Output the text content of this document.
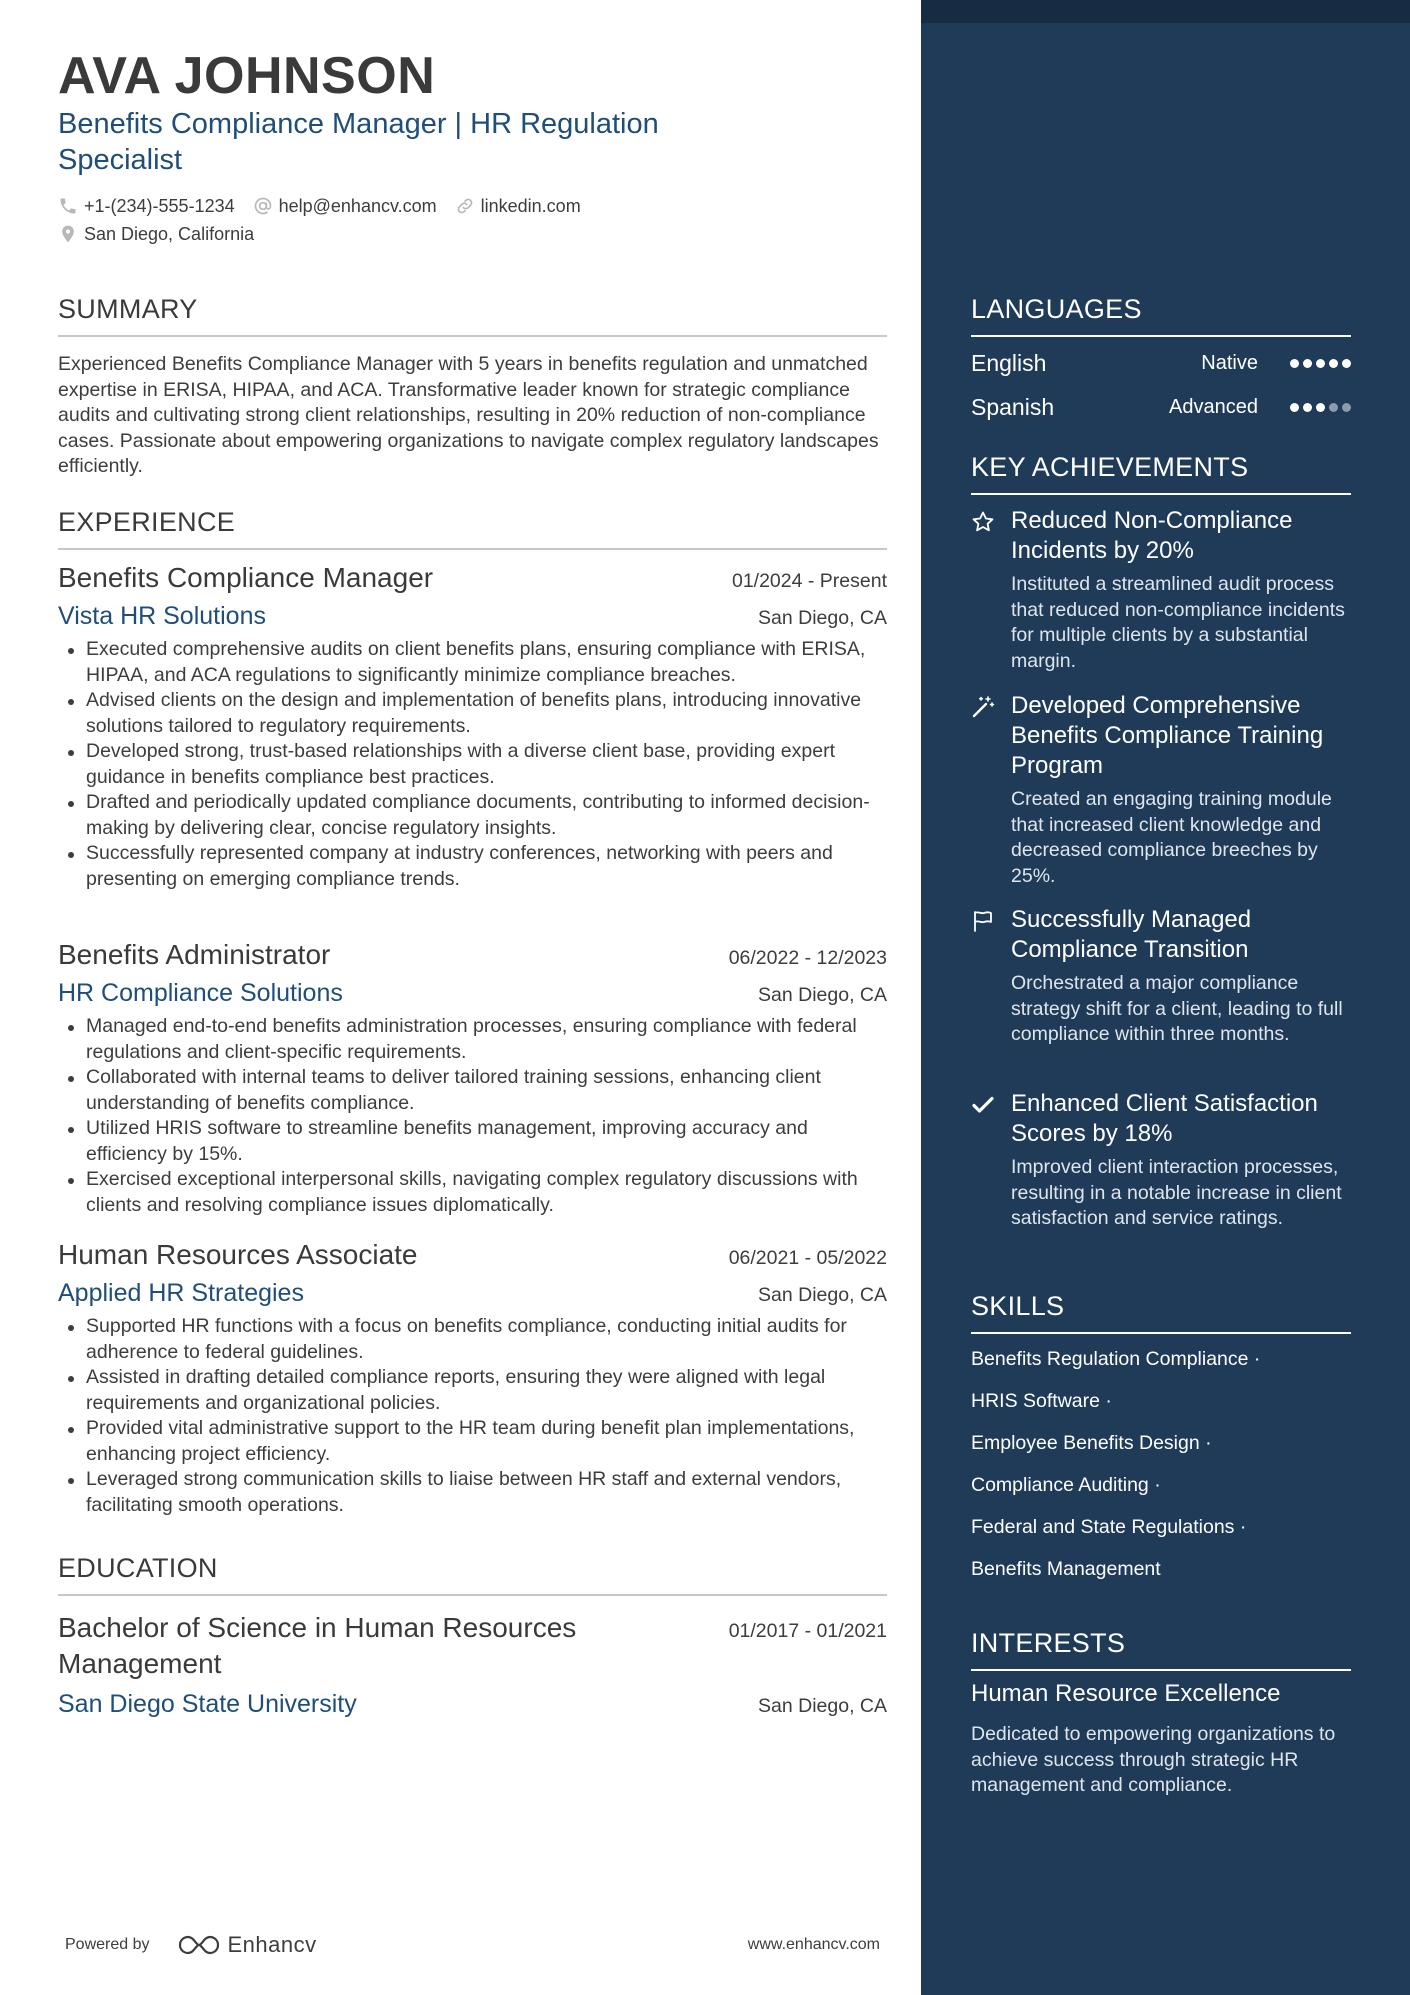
AVA JOHNSON
Benefits Compliance Manager | HR Regulation Specialist
+1-(234)-555-1234 help@enhancv.com linkedin.com
San Diego, California
SUMMARY
Experienced Benefits Compliance Manager with 5 years in benefits regulation and unmatched expertise in ERISA, HIPAA, and ACA. Transformative leader known for strategic compliance audits and cultivating strong client relationships, resulting in 20% reduction of non-compliance cases. Passionate about empowering organizations to navigate complex regulatory landscapes efficiently.
EXPERIENCE
Benefits Compliance Manager	01/2024 - Present
Vista HR Solutions	San Diego, CA
Executed comprehensive audits on client benefits plans, ensuring compliance with ERISA, HIPAA, and ACA regulations to significantly minimize compliance breaches.
Advised clients on the design and implementation of benefits plans, introducing innovative solutions tailored to regulatory requirements.
Developed strong, trust-based relationships with a diverse client base, providing expert guidance in benefits compliance best practices.
Drafted and periodically updated compliance documents, contributing to informed decision-making by delivering clear, concise regulatory insights.
Successfully represented company at industry conferences, networking with peers and presenting on emerging compliance trends.
Benefits Administrator	06/2022 - 12/2023
HR Compliance Solutions	San Diego, CA
Managed end-to-end benefits administration processes, ensuring compliance with federal regulations and client-specific requirements.
Collaborated with internal teams to deliver tailored training sessions, enhancing client understanding of benefits compliance.
Utilized HRIS software to streamline benefits management, improving accuracy and efficiency by 15%.
Exercised exceptional interpersonal skills, navigating complex regulatory discussions with clients and resolving compliance issues diplomatically.
Human Resources Associate	06/2021 - 05/2022
Applied HR Strategies	San Diego, CA
Supported HR functions with a focus on benefits compliance, conducting initial audits for adherence to federal guidelines.
Assisted in drafting detailed compliance reports, ensuring they were aligned with legal requirements and organizational policies.
Provided vital administrative support to the HR team during benefit plan implementations, enhancing project efficiency.
Leveraged strong communication skills to liaise between HR staff and external vendors, facilitating smooth operations.
EDUCATION
Bachelor of Science in Human Resources Management
01/2017 - 01/2021
San Diego State University	San Diego, CA
Powered by	Enhancv	www.enhancv.com
LANGUAGES
English	Native
Spanish	Advanced
KEY ACHIEVEMENTS
Reduced Non-Compliance Incidents by 20%
Instituted a streamlined audit process that reduced non-compliance incidents for multiple clients by a substantial margin.
Developed Comprehensive Benefits Compliance Training Program
Created an engaging training module that increased client knowledge and decreased compliance breeches by 25%.
Successfully Managed Compliance Transition
Orchestrated a major compliance strategy shift for a client, leading to full compliance within three months.
Enhanced Client Satisfaction Scores by 18%
Improved client interaction processes, resulting in a notable increase in client satisfaction and service ratings.
SKILLS
Benefits Regulation Compliance ·
HRIS Software ·
Employee Benefits Design ·
Compliance Auditing ·
Federal and State Regulations ·
Benefits Management
INTERESTS
Human Resource Excellence
Dedicated to empowering organizations to achieve success through strategic HR management and compliance.
